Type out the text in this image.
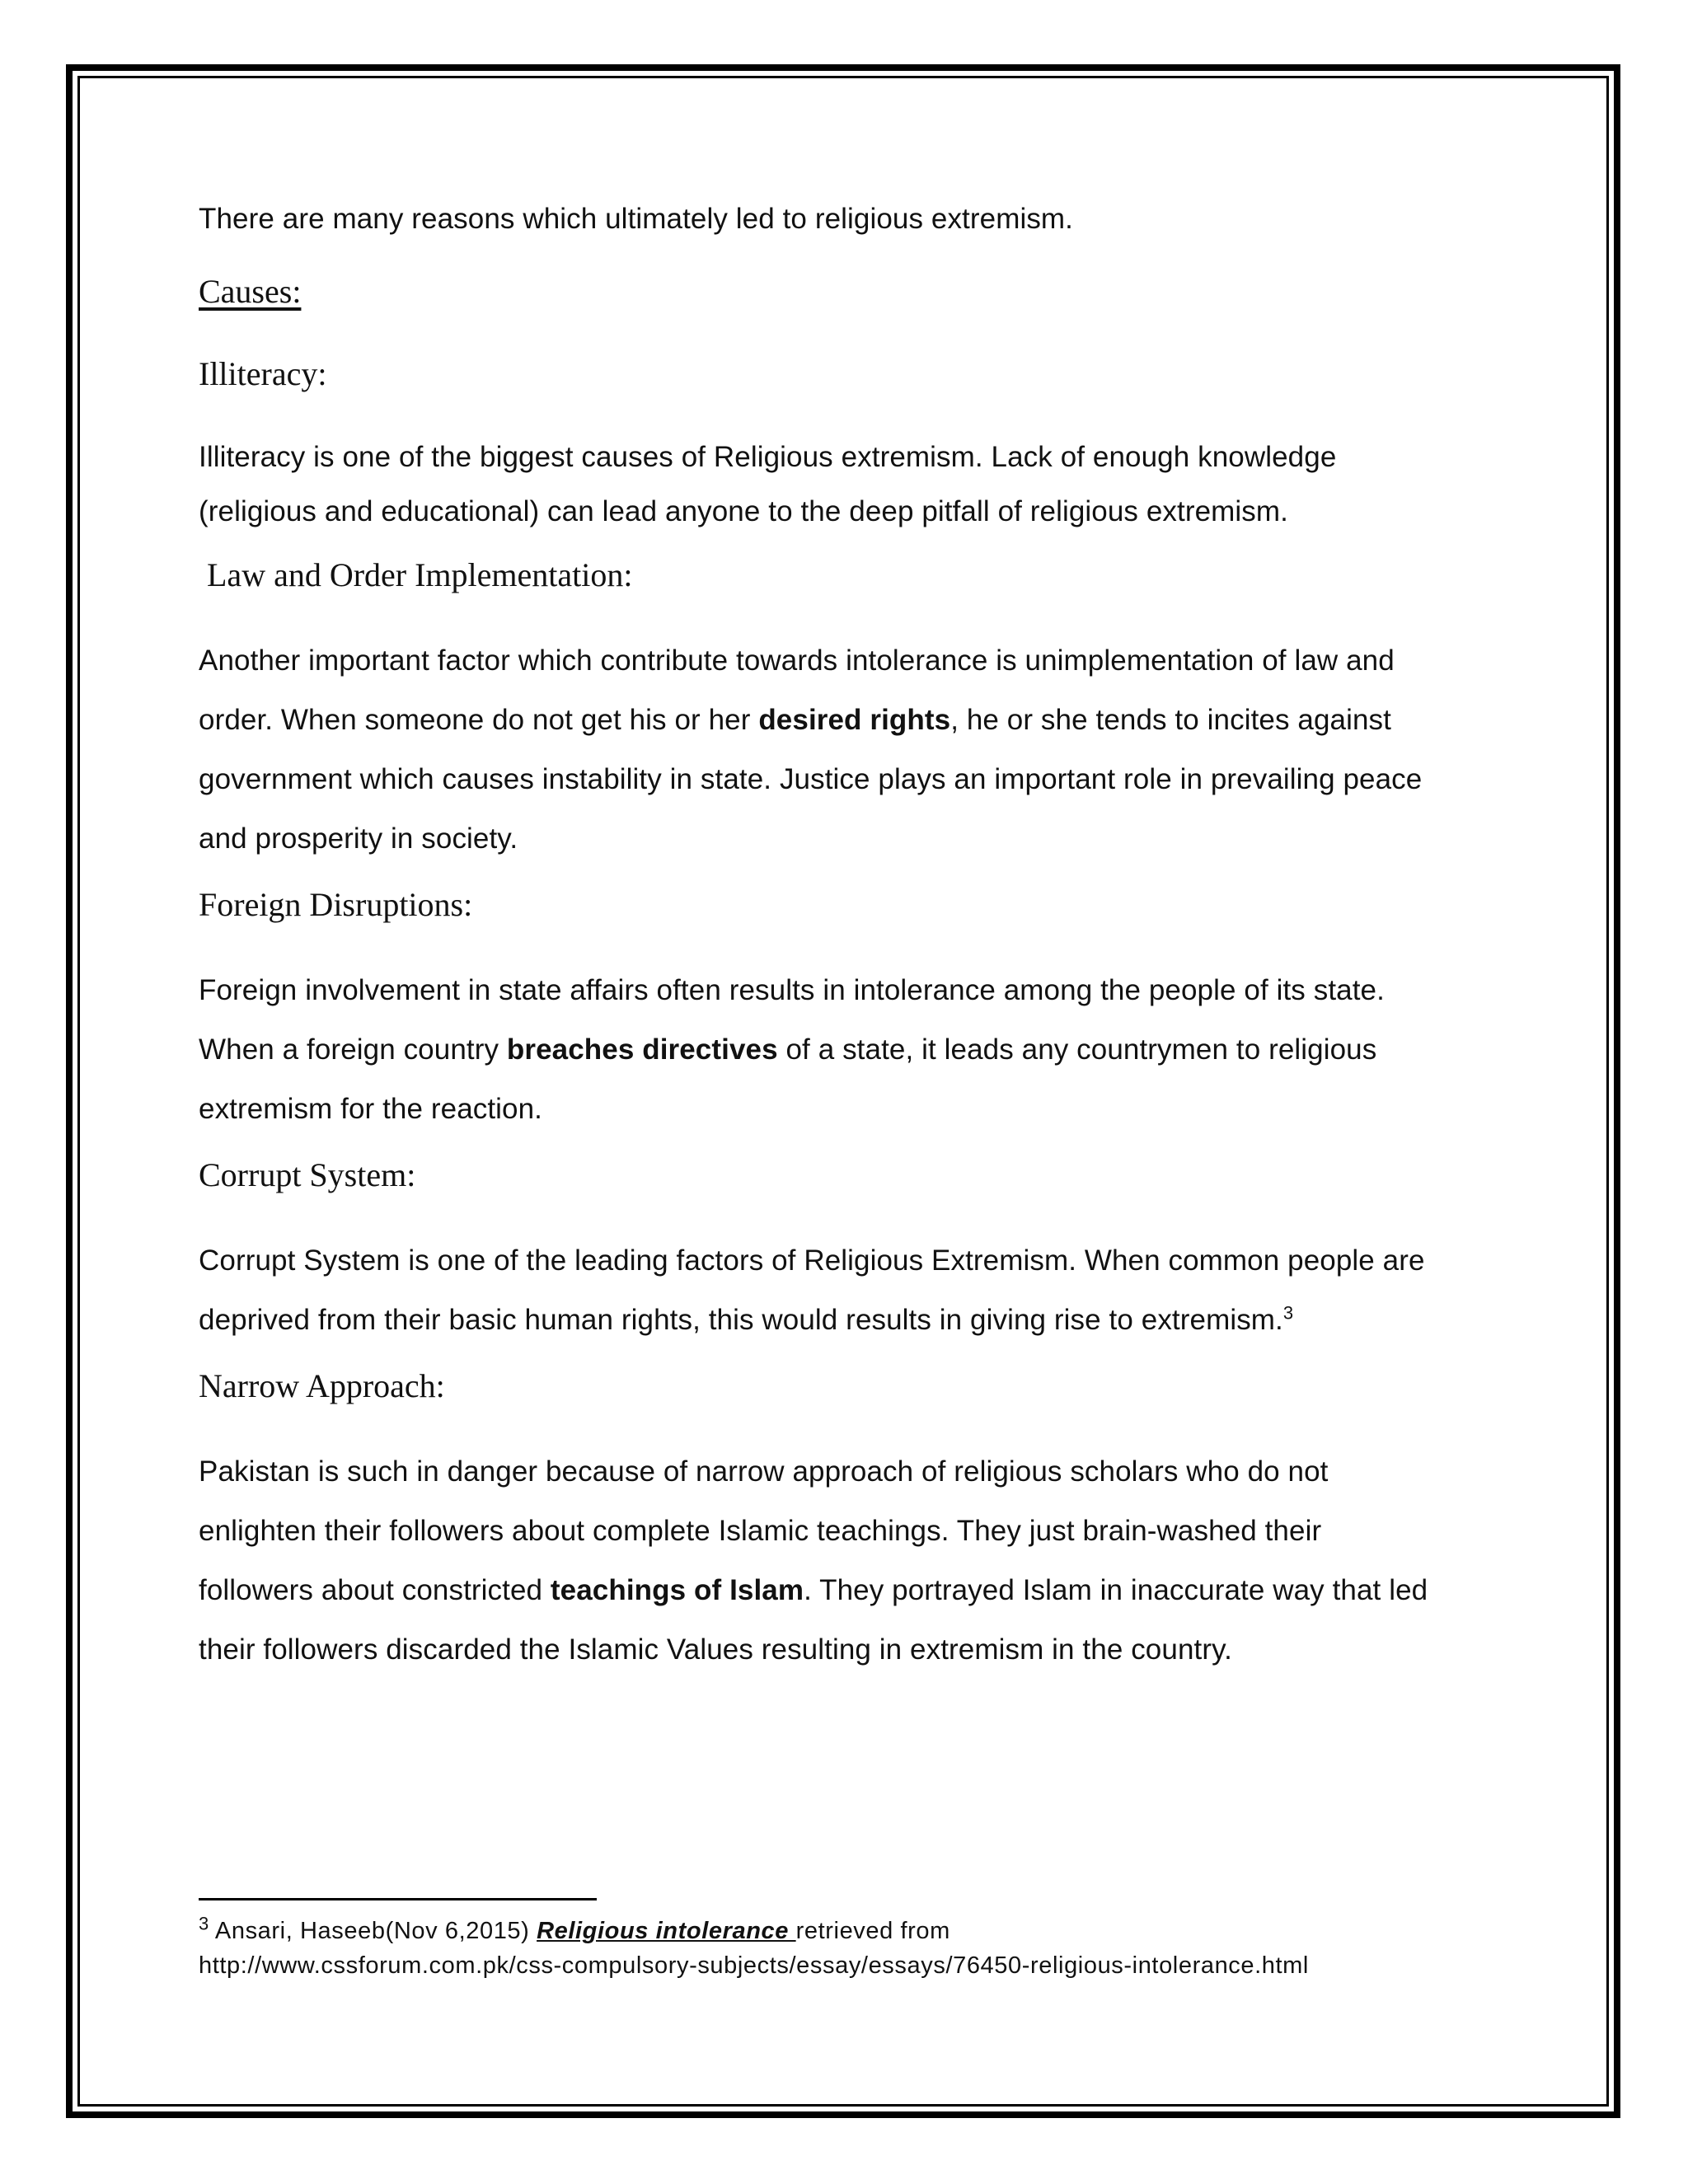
There are many reasons which ultimately led to religious extremism.

Causes:

Illiteracy:

Illiteracy is one of the biggest causes of Religious extremism. Lack of enough knowledge

(religious and educational) can lead anyone to the deep pitfall of religious extremism.

Law and Order Implementation:

Another important factor which contribute towards intolerance is unimplementation of law and

order. When someone do not get his or her desired rights, he or she tends to incites against

government which causes instability in state. Justice plays an important role in prevailing peace

and prosperity in society.

Foreign Disruptions:

Foreign involvement in state affairs often results in intolerance among the people of its state.

When a foreign country breaches directives of a state, it leads any countrymen to religious

extremism for the reaction.

Corrupt System:

Corrupt System is one of the leading factors of Religious Extremism. When common people are

deprived from their basic human rights, this would results in giving rise to extremism.$^3$

Narrow Approach:

Pakistan is such in danger because of narrow approach of religious scholars who do not

enlighten their followers about complete Islamic teachings. They just brain-washed their

followers about constricted teachings of Islam. They portrayed Islam in inaccurate way that led

their followers discarded the Islamic Values resulting in extremism in the country.

$^3$ Ansari, Haseeb(Nov 6,2015) Religious intolerance retrieved from
http://www.cssforum.com.pk/css-compulsory-subjects/essay/essays/76450-religious-intolerance.html
